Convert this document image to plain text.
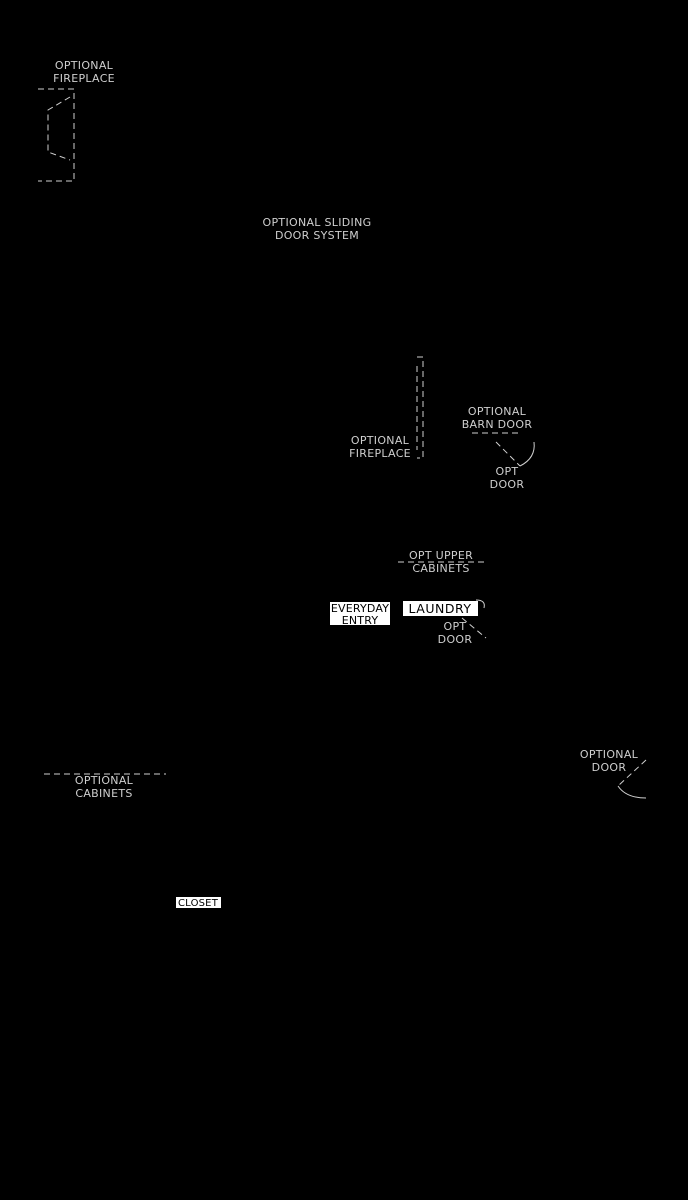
OPTIONAL
FIREPLACE
OPTIONAL SLIDING
DOOR SYSTEM
OPTIONAL
FIREPLACE
OPTIONAL
BARN DOOR
OPT
DOOR
OPT UPPER
CABINETS
EVERYDAY
ENTRY
LAUNDRY
OPT
DOOR
OPTIONAL
DOOR
OPTIONAL
CABINETS
CLOSET
